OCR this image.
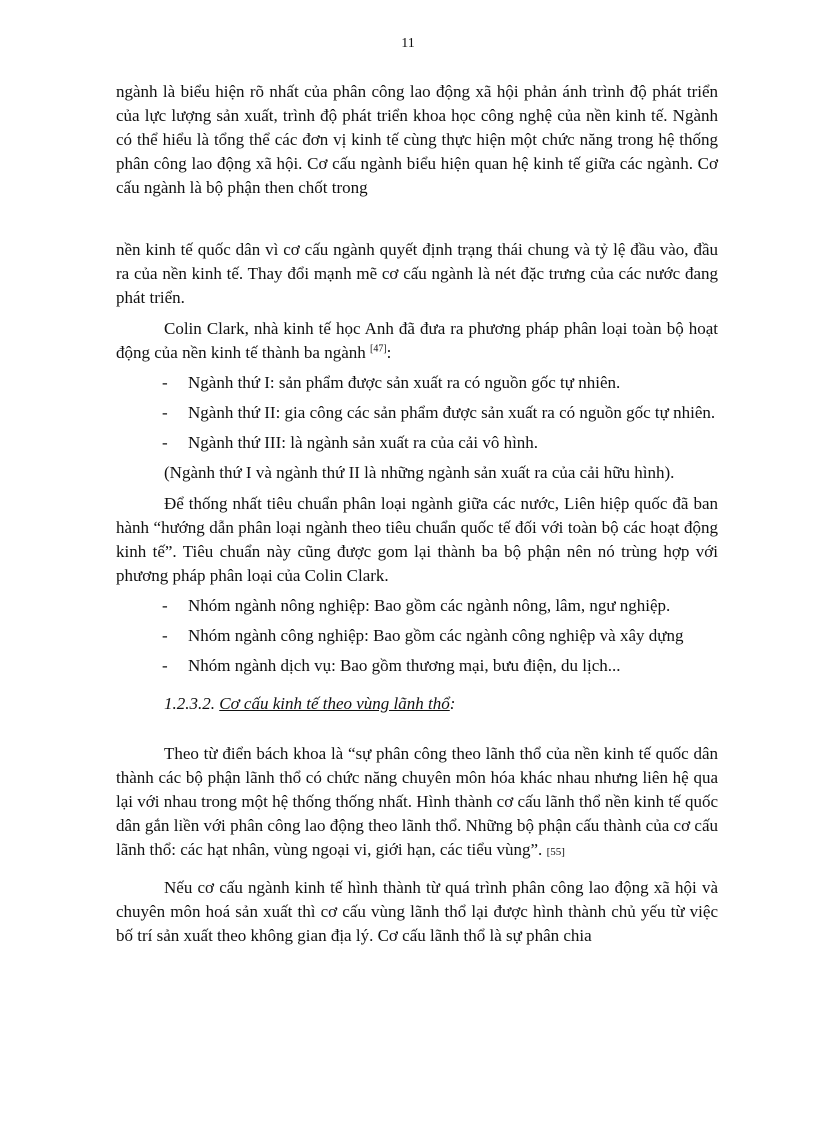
11

ngành là biểu hiện rõ nhất của phân công lao động xã hội phản ánh trình độ phát triển của lực lượng sản xuất, trình độ phát triển khoa học công nghệ của nền kinh tế. Ngành có thể hiểu là tổng thể các đơn vị kinh tế cùng thực hiện một chức năng trong hệ thống phân công lao động xã hội. Cơ cấu ngành biểu hiện quan hệ kinh tế giữa các ngành. Cơ cấu ngành là bộ phận then chốt trong

nền kinh tế quốc dân vì cơ cấu ngành quyết định trạng thái chung và tỷ lệ đầu vào, đầu ra của nền kinh tế. Thay đổi mạnh mẽ cơ cấu ngành là nét đặc trưng của các nước đang phát triển.

Colin Clark, nhà kinh tế học Anh đã đưa ra phương pháp phân loại toàn bộ hoạt động của nền kinh tế thành ba ngành [47]:

- Ngành thứ I: sản phẩm được sản xuất ra có nguồn gốc tự nhiên.
- Ngành thứ II: gia công các sản phẩm được sản xuất ra có nguồn gốc tự nhiên.
- Ngành thứ III: là ngành sản xuất ra của cải vô hình.

(Ngành thứ I và ngành thứ II là những ngành sản xuất ra của cải hữu hình).

Để thống nhất tiêu chuẩn phân loại ngành giữa các nước, Liên hiệp quốc đã ban hành “hướng dẫn phân loại ngành theo tiêu chuẩn quốc tế đối với toàn bộ các hoạt động kinh tế”. Tiêu chuẩn này cũng được gom lại thành ba bộ phận nên nó trùng hợp với phương pháp phân loại của Colin Clark.

- Nhóm ngành nông nghiệp: Bao gồm các ngành nông, lâm, ngư nghiệp.
- Nhóm ngành công nghiệp: Bao gồm các ngành công nghiệp và xây dựng
- Nhóm ngành dịch vụ: Bao gồm thương mại, bưu điện, du lịch...

1.2.3.2. Cơ cấu kinh tế theo vùng lãnh thổ:

Theo từ điển bách khoa là “sự phân công theo lãnh thổ của nền kinh tế quốc dân thành các bộ phận lãnh thổ có chức năng chuyên môn hóa khác nhau nhưng liên hệ qua lại với nhau trong một hệ thống thống nhất. Hình thành cơ cấu lãnh thổ nền kinh tế quốc dân gắn liền với phân công lao động theo lãnh thổ. Những bộ phận cấu thành của cơ cấu lãnh thổ: các hạt nhân, vùng ngoại vi, giới hạn, các tiểu vùng”. [55]

Nếu cơ cấu ngành kinh tế hình thành từ quá trình phân công lao động xã hội và chuyên môn hoá sản xuất thì cơ cấu vùng lãnh thổ lại được hình thành chủ yếu từ việc bố trí sản xuất theo không gian địa lý. Cơ cấu lãnh thổ là sự phân chia
